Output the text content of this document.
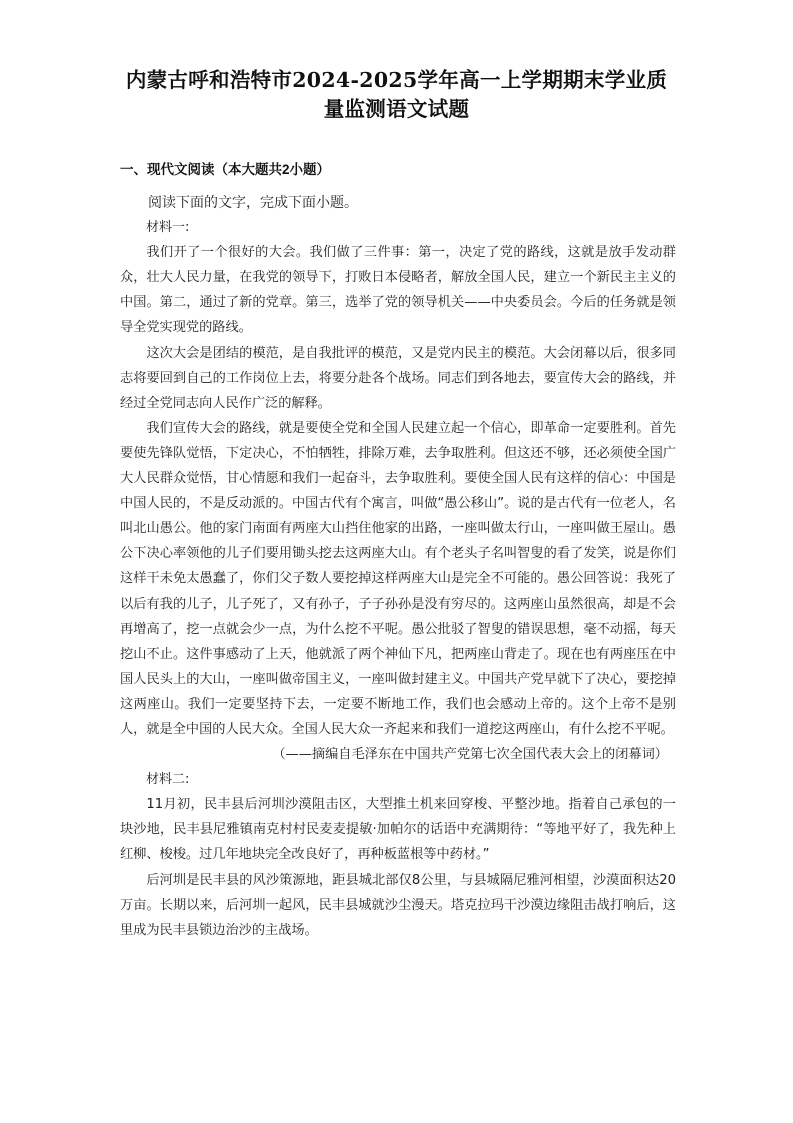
内蒙古呼和浩特市2024-2025学年高一上学期期末学业质
量监测语文试题
一、现代文阅读（本大题共2小题）

阅读下面的文字，完成下面小题。

材料一:

我们开了一个很好的大会。我们做了三件事：第一，决定了党的路线，这就是放手发动群众，壮大人民力量，在我党的领导下，打败日本侵略者，解放全国人民，建立一个新民主主义的中国。第二，通过了新的党章。第三，选举了党的领导机关——中央委员会。今后的任务就是领导全党实现党的路线。

这次大会是团结的模范，是自我批评的模范，又是党内民主的模范。大会闭幕以后，很多同志将要回到自己的工作岗位上去，将要分赴各个战场。同志们到各地去，要宣传大会的路线，并经过全党同志向人民作广泛的解释。

我们宣传大会的路线，就是要使全党和全国人民建立起一个信心，即革命一定要胜利。首先要使先锋队觉悟，下定决心，不怕牺牲，排除万难，去争取胜利。但这还不够，还必须使全国广大人民群众觉悟，甘心情愿和我们一起奋斗，去争取胜利。要使全国人民有这样的信心：中国是中国人民的，不是反动派的。中国古代有个寓言，叫做“愚公移山”。说的是古代有一位老人，名叫北山愚公。他的家门南面有两座大山挡住他家的出路，一座叫做太行山，一座叫做王屋山。愚公下决心率领他的儿子们要用锄头挖去这两座大山。有个老头子名叫智叟的看了发笑，说是你们这样干未免太愚蠢了，你们父子数人要挖掉这样两座大山是完全不可能的。愚公回答说：我死了以后有我的儿子，儿子死了，又有孙子，子子孙孙是没有穷尽的。这两座山虽然很高，却是不会再增高了，挖一点就会少一点，为什么挖不平呢。愚公批驳了智叟的错误思想，毫不动摇，每天挖山不止。这件事感动了上天，他就派了两个神仙下凡，把两座山背走了。现在也有两座压在中国人民头上的大山，一座叫做帝国主义，一座叫做封建主义。中国共产党早就下了决心，要挖掉这两座山。我们一定要坚持下去，一定要不断地工作，我们也会感动上帝的。这个上帝不是别人，就是全中国的人民大众。全国人民大众一齐起来和我们一道挖这两座山，有什么挖不平呢。

（——摘编自毛泽东在中国共产党第七次全国代表大会上的闭幕词）

材料二:

11月初，民丰县后河圳沙漠阻击区，大型推土机来回穿梭、平整沙地。指着自己承包的一块沙地，民丰县尼雅镇南克村村民麦麦提敏·加帕尔的话语中充满期待：“等地平好了，我先种上红柳、梭梭。过几年地块完全改良好了，再种板蓝根等中药材。”

后河圳是民丰县的风沙策源地，距县城北部仅8公里，与县城隔尼雅河相望，沙漠面积达20万亩。长期以来，后河圳一起风，民丰县城就沙尘漫天。塔克拉玛干沙漠边缘阻击战打响后，这里成为民丰县锁边治沙的主战场。
